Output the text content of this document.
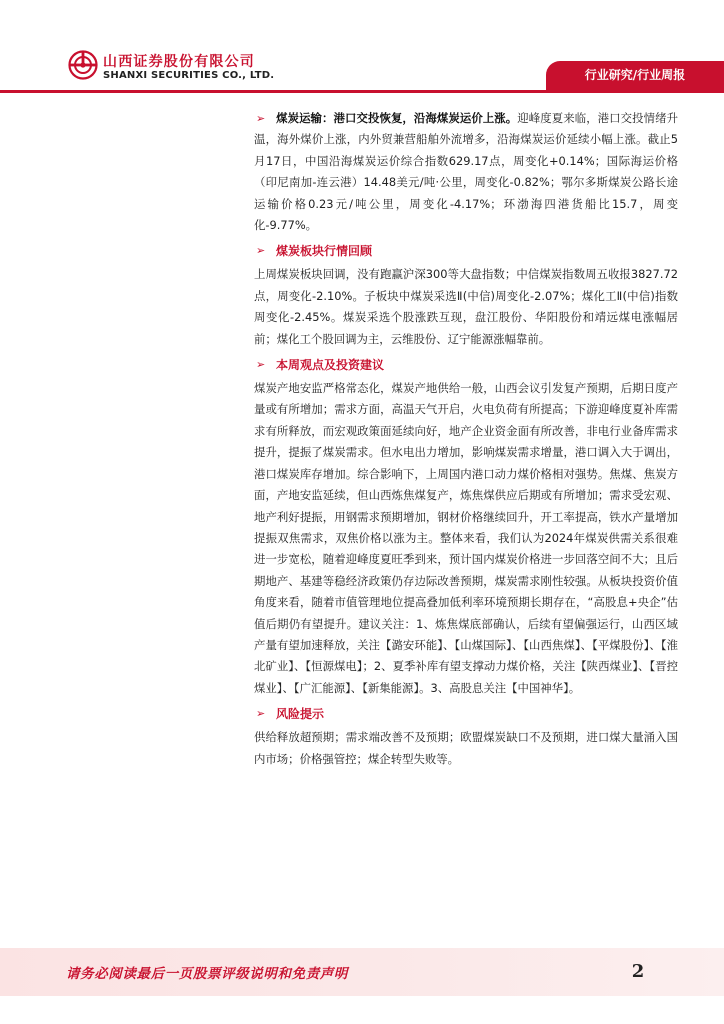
山西证券股份有限公司
SHANXI SECURITIES CO., LTD.	行业研究/行业周报
➢ 煤炭运输：港口交投恢复，沿海煤炭运价上涨。迎峰度夏来临，港口交投情绪升温，海外煤价上涨，内外贸兼营船舶外流增多，沿海煤炭运价延续小幅上涨。截止5月17日，中国沿海煤炭运价综合指数629.17点，周变化+0.14%；国际海运价格（印尼南加-连云港）14.48美元/吨·公里，周变化-0.82%；鄂尔多斯煤炭公路长途运输价格0.23元/吨公里，周变化-4.17%；环渤海四港货船比15.7，周变化-9.77%。
➢ 煤炭板块行情回顾
上周煤炭板块回调，没有跑赢沪深300等大盘指数；中信煤炭指数周五收报3827.72点，周变化-2.10%。子板块中煤炭采选Ⅱ(中信)周变化-2.07%；煤化工Ⅱ(中信)指数周变化-2.45%。煤炭采选个股涨跌互现，盘江股份、华阳股份和靖远煤电涨幅居前；煤化工个股回调为主，云维股份、辽宁能源涨幅靠前。
➢ 本周观点及投资建议
煤炭产地安监严格常态化，煤炭产地供给一般，山西会议引发复产预期，后期日度产量或有所增加；需求方面，高温天气开启，火电负荷有所提高；下游迎峰度夏补库需求有所释放，而宏观政策面延续向好，地产企业资金面有所改善，非电行业备库需求提升，提振了煤炭需求。但水电出力增加，影响煤炭需求增量，港口调入大于调出，港口煤炭库存增加。综合影响下，上周国内港口动力煤价格相对强势。焦煤、焦炭方面，产地安监延续，但山西炼焦煤复产，炼焦煤供应后期或有所增加；需求受宏观、地产利好提振，用钢需求预期增加，钢材价格继续回升，开工率提高，铁水产量增加提振双焦需求，双焦价格以涨为主。整体来看，我们认为2024年煤炭供需关系很难进一步宽松，随着迎峰度夏旺季到来，预计国内煤炭价格进一步回落空间不大；且后期地产、基建等稳经济政策仍存边际改善预期，煤炭需求刚性较强。从板块投资价值角度来看，随着市值管理地位提高叠加低利率环境预期长期存在，“高股息+央企”估值后期仍有望提升。建议关注：1、炼焦煤底部确认，后续有望偏强运行，山西区域产量有望加速释放，关注【潞安环能】、【山煤国际】、【山西焦煤】、【平煤股份】、【淮北矿业】、【恒源煤电】；2、夏季补库有望支撑动力煤价格，关注【陕西煤业】、【晋控煤业】、【广汇能源】、【新集能源】。3、高股息关注【中国神华】。
➢ 风险提示
供给释放超预期；需求端改善不及预期；欧盟煤炭缺口不及预期，进口煤大量涌入国内市场；价格强管控；煤企转型失败等。
请务必阅读最后一页股票评级说明和免责声明	2
